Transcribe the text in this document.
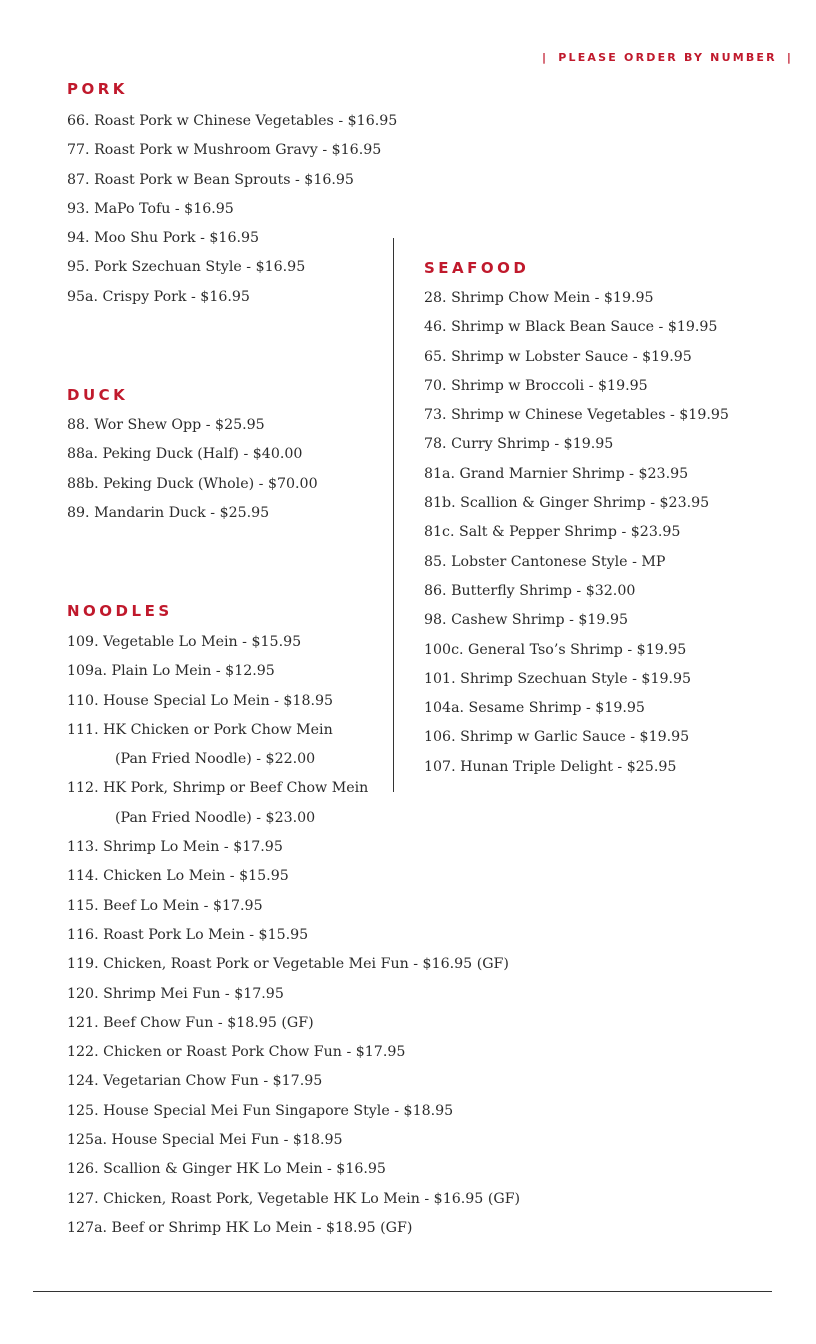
| PLEASE ORDER BY NUMBER |
PORK
66. Roast Pork w Chinese Vegetables - $16.95
77. Roast Pork w Mushroom Gravy - $16.95
87. Roast Pork w Bean Sprouts - $16.95
93. MaPo Tofu - $16.95
94. Moo Shu Pork - $16.95
95. Pork Szechuan Style - $16.95
95a. Crispy Pork - $16.95
DUCK
88. Wor Shew Opp - $25.95
88a. Peking Duck (Half) - $40.00
88b. Peking Duck (Whole) - $70.00
89. Mandarin Duck - $25.95
NOODLES
109. Vegetable Lo Mein - $15.95
109a. Plain Lo Mein - $12.95
110. House Special Lo Mein - $18.95
111. HK Chicken or Pork Chow Mein
(Pan Fried Noodle) - $22.00
112. HK Pork, Shrimp or Beef Chow Mein
(Pan Fried Noodle) - $23.00
113. Shrimp Lo Mein - $17.95
114. Chicken Lo Mein - $15.95
115. Beef Lo Mein - $17.95
116. Roast Pork Lo Mein - $15.95
119. Chicken, Roast Pork or Vegetable Mei Fun - $16.95 (GF)
120. Shrimp Mei Fun - $17.95
121. Beef Chow Fun - $18.95 (GF)
122. Chicken or Roast Pork Chow Fun - $17.95
124. Vegetarian Chow Fun - $17.95
125. House Special Mei Fun Singapore Style - $18.95
125a. House Special Mei Fun - $18.95
126. Scallion & Ginger HK Lo Mein - $16.95
127. Chicken, Roast Pork, Vegetable HK Lo Mein - $16.95 (GF)
127a. Beef or Shrimp HK Lo Mein - $18.95 (GF)
SEAFOOD
28. Shrimp Chow Mein - $19.95
46. Shrimp w Black Bean Sauce - $19.95
65. Shrimp w Lobster Sauce - $19.95
70. Shrimp w Broccoli - $19.95
73. Shrimp w Chinese Vegetables - $19.95
78. Curry Shrimp - $19.95
81a. Grand Marnier Shrimp - $23.95
81b. Scallion & Ginger Shrimp - $23.95
81c. Salt & Pepper Shrimp - $23.95
85. Lobster Cantonese Style - MP
86. Butterfly Shrimp - $32.00
98. Cashew Shrimp - $19.95
100c. General Tso’s Shrimp - $19.95
101. Shrimp Szechuan Style - $19.95
104a. Sesame Shrimp - $19.95
106. Shrimp w Garlic Sauce - $19.95
107. Hunan Triple Delight - $25.95
